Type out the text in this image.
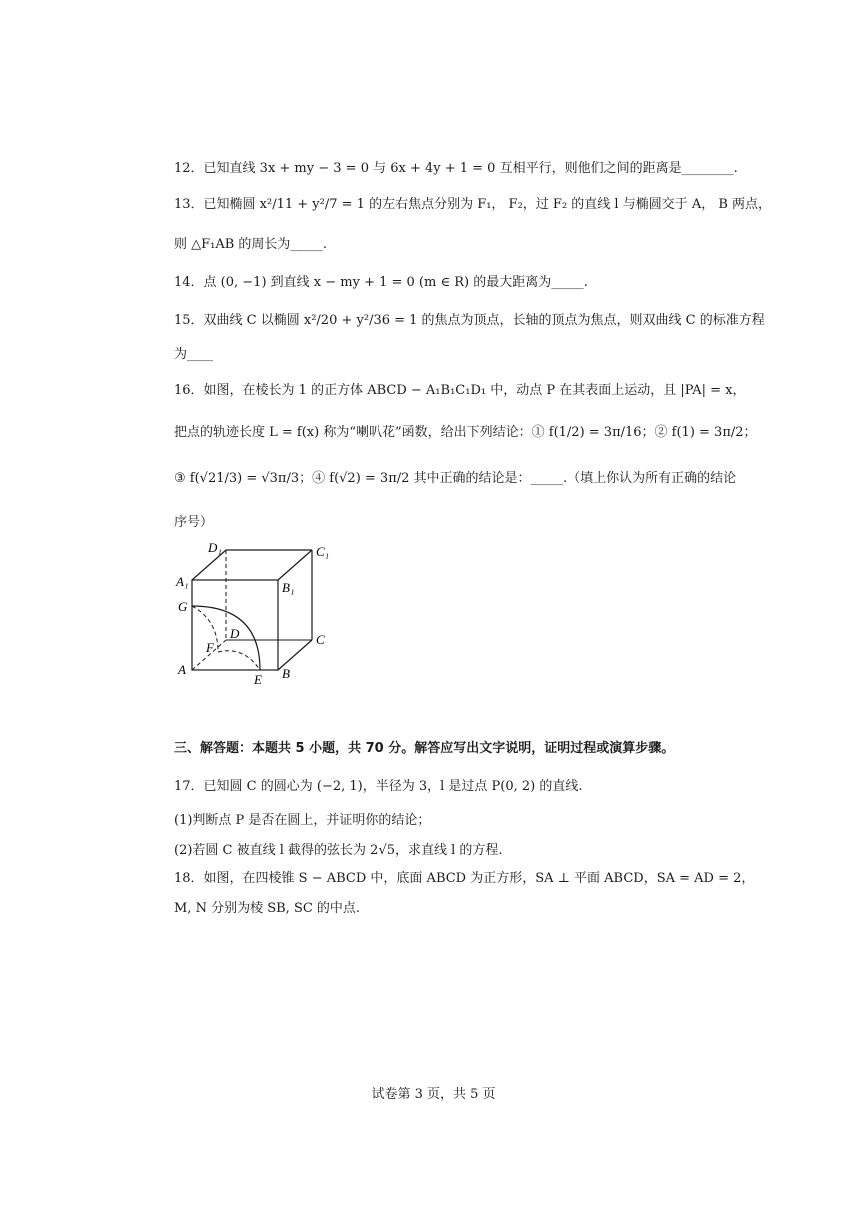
12．已知直线 3x + my − 3 = 0 与 6x + 4y + 1 = 0 互相平行，则他们之间的距离是________.
13．已知椭圆 x²/11 + y²/7 = 1 的左右焦点分别为 F₁， F₂，过 F₂ 的直线 l 与椭圆交于 A， B 两点，
则 △F₁AB 的周长为_____.
14．点 (0, −1) 到直线 x − my + 1 = 0 (m ∈ R) 的最大距离为_____.
15．双曲线 C 以椭圆 x²/20 + y²/36 = 1 的焦点为顶点，长轴的顶点为焦点，则双曲线 C 的标准方程
为____
16．如图，在棱长为 1 的正方体 ABCD − A₁B₁C₁D₁ 中，动点 P 在其表面上运动，且 |PA| = x，
把点的轨迹长度 L = f(x) 称为“喇叭花”函数，给出下列结论：① f(1/2) = 3π/16；② f(1) = 3π/2；
③ f(√21/3) = √3π/3；④ f(√2) = 3π/2 其中正确的结论是：_____.（填上你认为所有正确的结论
序号）
D₁	C₁
A₁	B₁
G
D	C
F
A
E B
三、解答题：本题共 5 小题，共 70 分。解答应写出文字说明，证明过程或演算步骤。
17．已知圆 C 的圆心为 (−2, 1)，半径为 3，l 是过点 P(0, 2) 的直线.
(1)判断点 P 是否在圆上，并证明你的结论；
(2)若圆 C 被直线 l 截得的弦长为 2√5，求直线 l 的方程.
18．如图，在四棱锥 S − ABCD 中，底面 ABCD 为正方形，SA ⊥ 平面 ABCD，SA = AD = 2，
M, N 分别为棱 SB, SC 的中点.
试卷第 3 页，共 5 页
